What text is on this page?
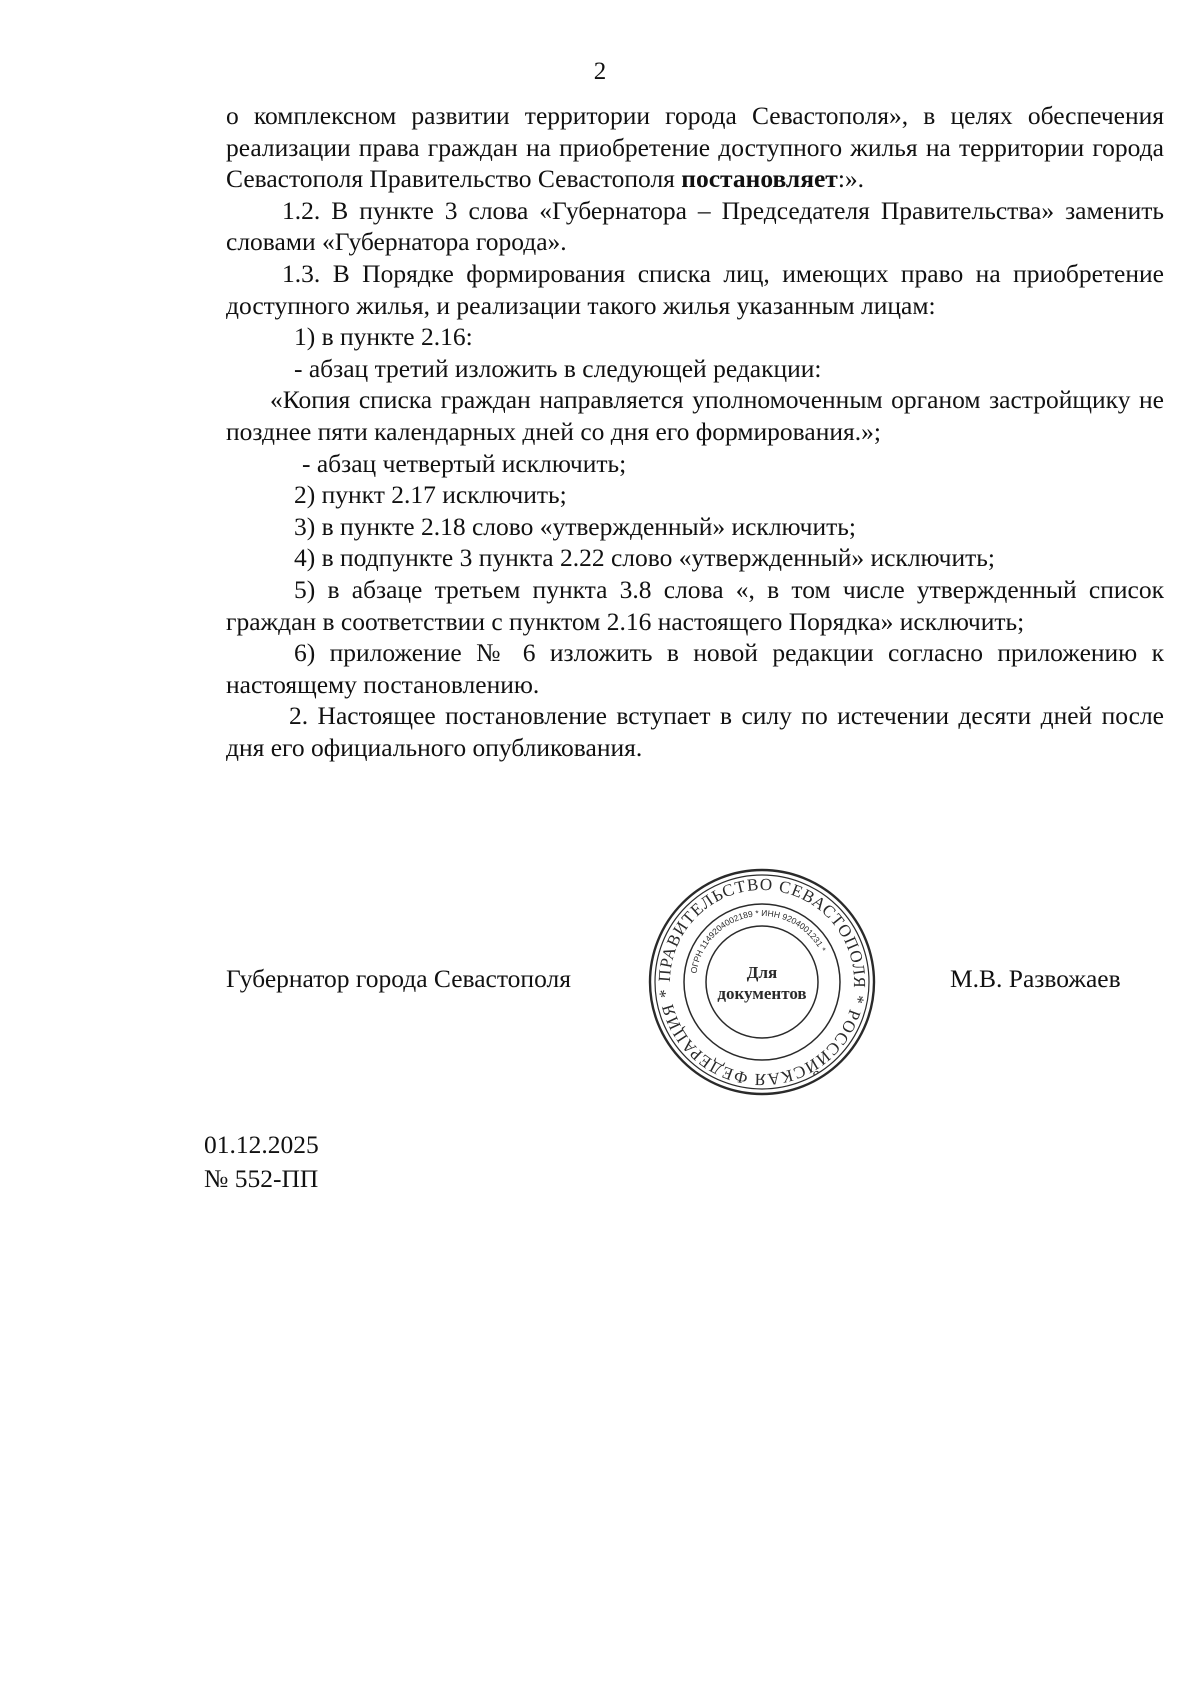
2

о комплексном развитии территории города Севастополя», в целях обеспечения реализации права граждан на приобретение доступного жилья на территории города Севастополя Правительство Севастополя постановляет:».

1.2. В пункте 3 слова «Губернатора – Председателя Правительства» заменить словами «Губернатора города».

1.3. В Порядке формирования списка лиц, имеющих право на приобретение доступного жилья, и реализации такого жилья указанным лицам:

1) в пункте 2.16:

- абзац третий изложить в следующей редакции:

«Копия списка граждан направляется уполномоченным органом застройщику не позднее пяти календарных дней со дня его формирования.»;

- абзац четвертый исключить;

2) пункт 2.17 исключить;

3) в пункте 2.18 слово «утвержденный» исключить;

4) в подпункте 3 пункта 2.22 слово «утвержденный» исключить;

5) в абзаце третьем пункта 3.8 слова «, в том числе утвержденный список граждан в соответствии с пунктом 2.16 настоящего Порядка» исключить;

6) приложение № 6 изложить в новой редакции согласно приложению к настоящему постановлению.

2. Настоящее постановление вступает в силу по истечении десяти дней после дня его официального опубликования.

Губернатор города Севастополя	ПРАВИТЕЛЬСТВО СЕВАСТОПОЛЯ * РОССИЙСКАЯ ФЕДЕРАЦИЯ *
ОГРН 1149204002189 * ИНН 9204001231 *
Для
документов
М.В. Развожаев
01.12.2025
№ 552-ПП
